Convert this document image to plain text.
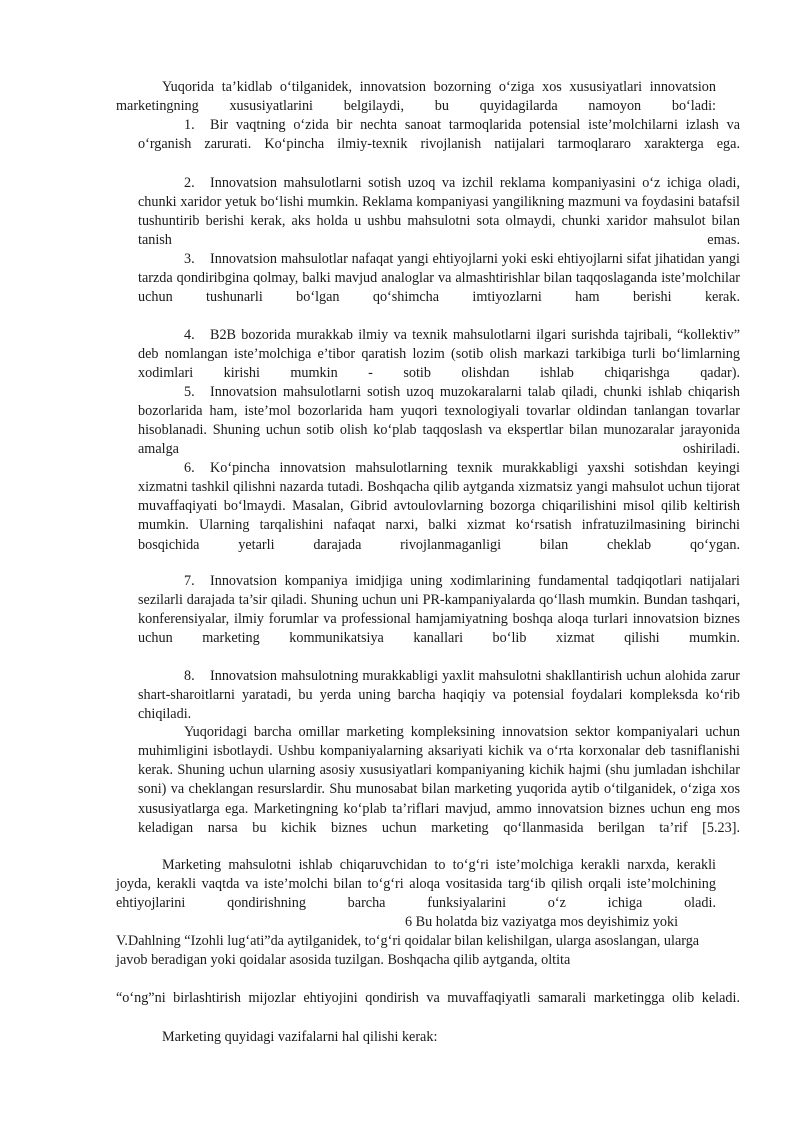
Yuqorida ta’kidlab o‘tilganidek, innovatsion bozorning o‘ziga xos xususiyatlari innovatsion marketingning xususiyatlarini belgilaydi, bu quyidagilarda namoyon bo‘ladi:

1. Bir vaqtning o‘zida bir nechta sanoat tarmoqlarida potensial iste’molchilarni izlash va o‘rganish zarurati. Ko‘pincha ilmiy-texnik rivojlanish natijalari tarmoqlararo xarakterga ega.

2. Innovatsion mahsulotlarni sotish uzoq va izchil reklama kompaniyasini o‘z ichiga oladi, chunki xaridor yetuk bo‘lishi mumkin. Reklama kompaniyasi yangilikning mazmuni va foydasini batafsil tushuntirib berishi kerak, aks holda u ushbu mahsulotni sota olmaydi, chunki xaridor mahsulot bilan tanish emas.

3. Innovatsion mahsulotlar nafaqat yangi ehtiyojlarni yoki eski ehtiyojlarni sifat jihatidan yangi tarzda qondiribgina qolmay, balki mavjud analoglar va almashtirishlar bilan taqqoslaganda iste’molchilar uchun tushunarli bo‘lgan qo‘shimcha imtiyozlarni ham berishi kerak.

4. B2B bozorida murakkab ilmiy va texnik mahsulotlarni ilgari surishda tajribali, “kollektiv” deb nomlangan iste’molchiga e’tibor qaratish lozim (sotib olish markazi tarkibiga turli bo‘limlarning xodimlari kirishi mumkin - sotib olishdan ishlab chiqarishga qadar).

5. Innovatsion mahsulotlarni sotish uzoq muzokaralarni talab qiladi, chunki ishlab chiqarish bozorlarida ham, iste’mol bozorlarida ham yuqori texnologiyali tovarlar oldindan tanlangan tovarlar hisoblanadi. Shuning uchun sotib olish ko‘plab taqqoslash va ekspertlar bilan munozaralar jarayonida amalga oshiriladi.

6. Ko‘pincha innovatsion mahsulotlarning texnik murakkabligi yaxshi sotishdan keyingi xizmatni tashkil qilishni nazarda tutadi. Boshqacha qilib aytganda xizmatsiz yangi mahsulot uchun tijorat muvaffaqiyati bo‘lmaydi. Masalan, Gibrid avtoulovlarning bozorga chiqarilishini misol qilib keltirish mumkin. Ularning tarqalishini nafaqat narxi, balki xizmat ko‘rsatish infratuzilmasining birinchi bosqichida yetarli darajada rivojlanmaganligi bilan cheklab qo‘ygan.

7. Innovatsion kompaniya imidjiga uning xodimlarining fundamental tadqiqotlari natijalari sezilarli darajada ta’sir qiladi. Shuning uchun uni PR-kampaniyalarda qo‘llash mumkin. Bundan tashqari, konferensiyalar, ilmiy forumlar va professional hamjamiyatning boshqa aloqa turlari innovatsion biznes uchun marketing kommunikatsiya kanallari bo‘lib xizmat qilishi mumkin.

8. Innovatsion mahsulotning murakkabligi yaxlit mahsulotni shakllantirish uchun alohida zarur shart-sharoitlarni yaratadi, bu yerda uning barcha haqiqiy va potensial foydalari kompleksda ko‘rib chiqiladi.

Yuqoridagi barcha omillar marketing kompleksining innovatsion sektor kompaniyalari uchun muhimligini isbotlaydi. Ushbu kompaniyalarning aksariyati kichik va o‘rta korxonalar deb tasniflanishi kerak. Shuning uchun ularning asosiy xususiyatlari kompaniyaning kichik hajmi (shu jumladan ishchilar soni) va cheklangan resurslardir. Shu munosabat bilan marketing yuqorida aytib o‘tilganidek, o‘ziga xos xususiyatlarga ega. Marketingning ko‘plab ta’riflari mavjud, ammo innovatsion biznes uchun eng mos keladigan narsa bu kichik biznes uchun marketing qo‘llanmasida berilgan ta’rif [5.23].

Marketing mahsulotni ishlab chiqaruvchidan to to‘g‘ri iste’molchiga kerakli narxda, kerakli joyda, kerakli vaqtda va iste’molchi bilan to‘g‘ri aloqa vositasida targ‘ib qilish orqali iste’molchining ehtiyojlarini qondirishning barcha funksiyalarini o‘z ichiga oladi.

6 Bu holatda biz vaziyatga mos deyishimiz yoki

V.Dahlning “Izohli lug‘ati”da aytilganidek, to‘g‘ri qoidalar bilan kelishilgan, ularga asoslangan, ularga javob beradigan yoki qoidalar asosida tuzilgan. Boshqacha qilib aytganda, oltita

“o‘ng”ni birlashtirish mijozlar ehtiyojini qondirish va muvaffaqiyatli samarali marketingga olib keladi.

Marketing quyidagi vazifalarni hal qilishi kerak:
